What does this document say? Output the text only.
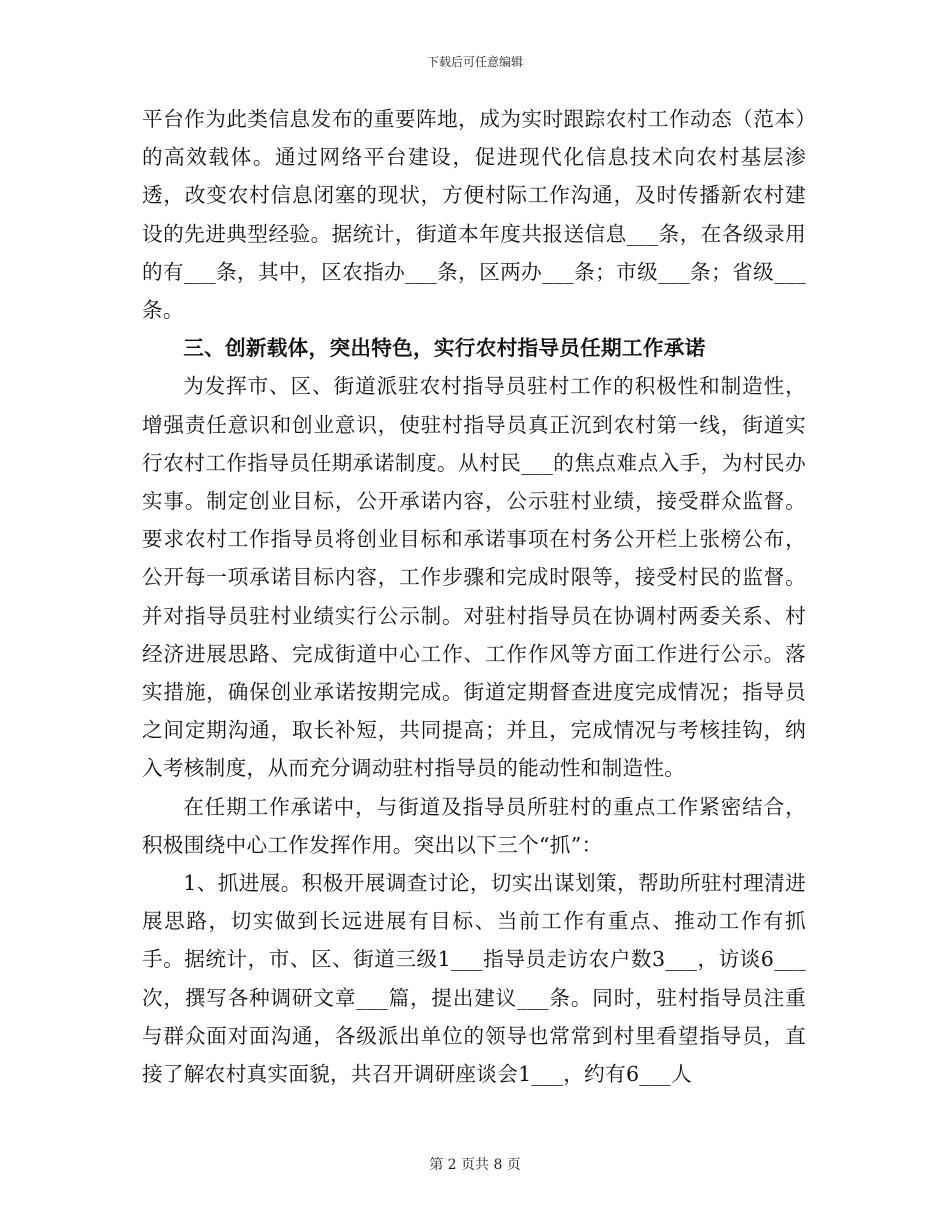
下载后可任意编辑

平台作为此类信息发布的重要阵地，成为实时跟踪农村工作动态（范本）的高效载体。通过网络平台建设，促进现代化信息技术向农村基层渗透，改变农村信息闭塞的现状，方便村际工作沟通，及时传播新农村建设的先进典型经验。据统计，街道本年度共报送信息___条，在各级录用的有___条，其中，区农指办___条，区两办___条；市级___条；省级___条。

三、创新载体，突出特色，实行农村指导员任期工作承诺

为发挥市、区、街道派驻农村指导员驻村工作的积极性和制造性，增强责任意识和创业意识，使驻村指导员真正沉到农村第一线，街道实行农村工作指导员任期承诺制度。从村民___的焦点难点入手，为村民办实事。制定创业目标，公开承诺内容，公示驻村业绩，接受群众监督。要求农村工作指导员将创业目标和承诺事项在村务公开栏上张榜公布，公开每一项承诺目标内容，工作步骤和完成时限等，接受村民的监督。并对指导员驻村业绩实行公示制。对驻村指导员在协调村两委关系、村经济进展思路、完成街道中心工作、工作作风等方面工作进行公示。落实措施，确保创业承诺按期完成。街道定期督查进度完成情况；指导员之间定期沟通，取长补短，共同提高；并且，完成情况与考核挂钩，纳入考核制度，从而充分调动驻村指导员的能动性和制造性。

在任期工作承诺中，与街道及指导员所驻村的重点工作紧密结合，积极围绕中心工作发挥作用。突出以下三个“抓”：

1、抓进展。积极开展调查讨论，切实出谋划策，帮助所驻村理清进展思路，切实做到长远进展有目标、当前工作有重点、推动工作有抓手。据统计，市、区、街道三级1___指导员走访农户数3___，访谈6___次，撰写各种调研文章___篇，提出建议___条。同时，驻村指导员注重与群众面对面沟通，各级派出单位的领导也常常到村里看望指导员，直接了解农村真实面貌，共召开调研座谈会1___，约有6___人

第 2 页共 8 页
